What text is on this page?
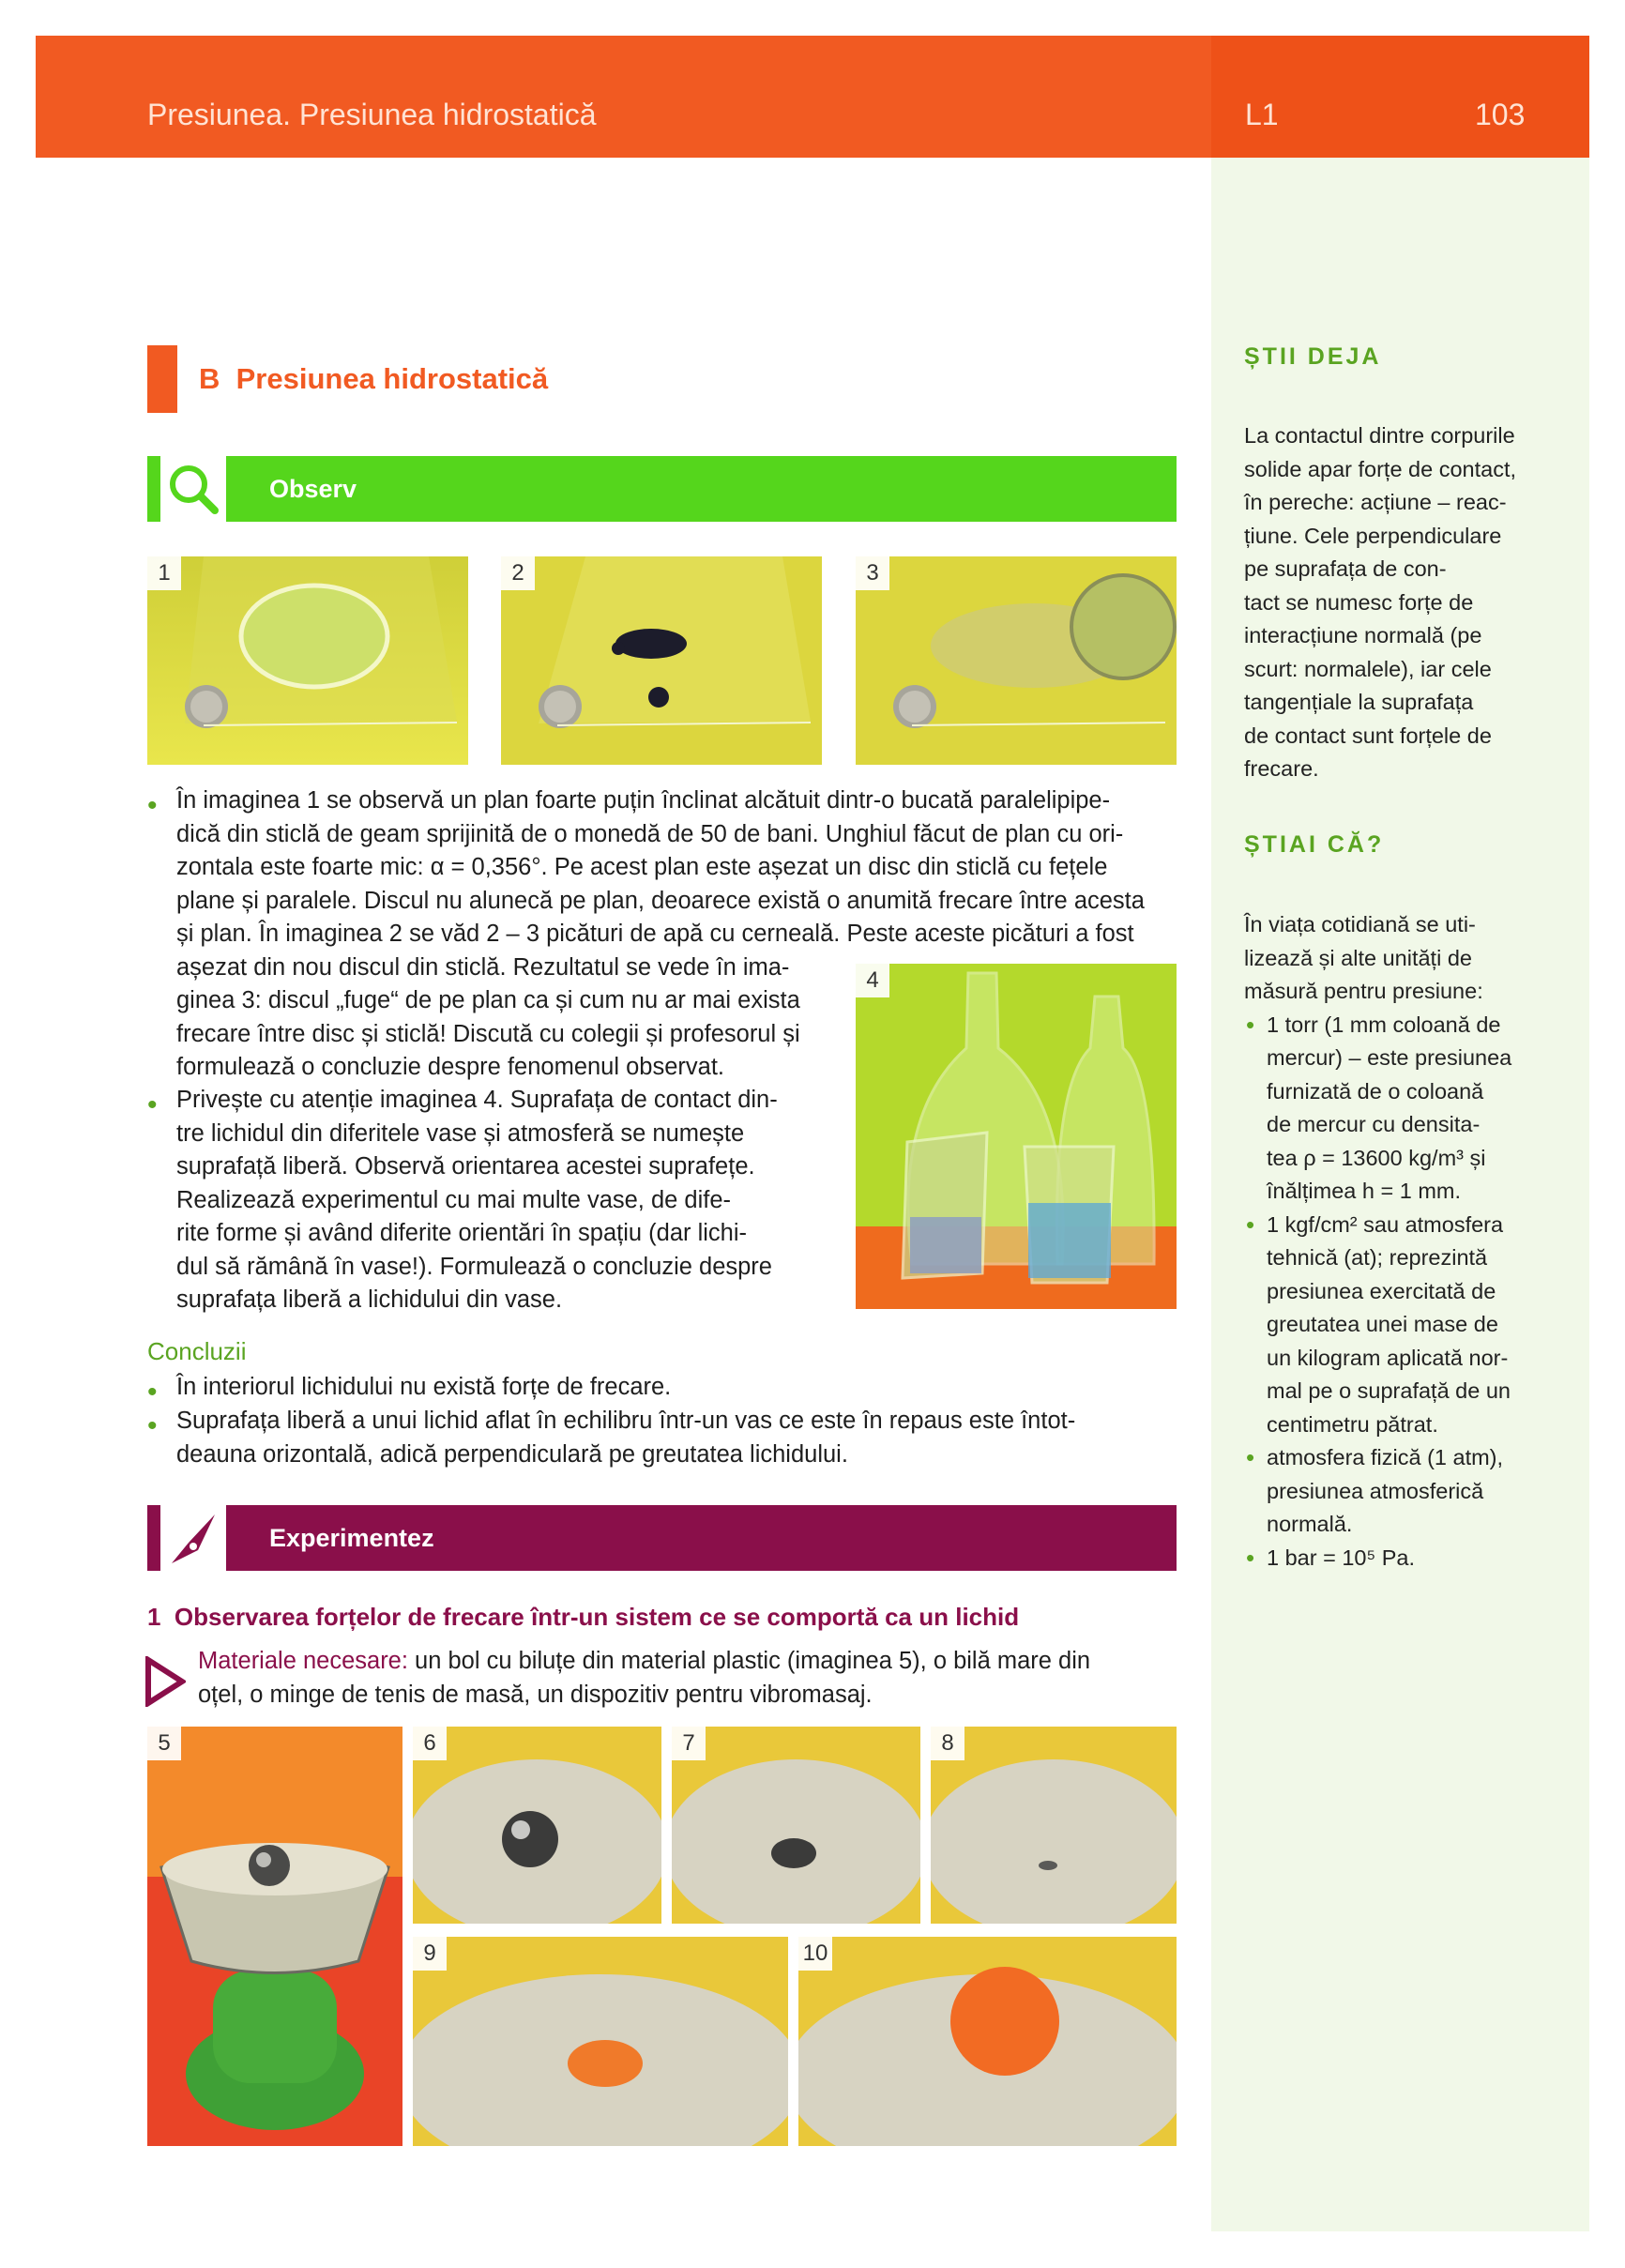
Presiunea. Presiunea hidrostatică	L1	103
ȘTII DEJA
La contactul dintre corpurile
solide apar forțe de contact,
în pereche: acțiune – reac-
țiune. Cele perpendiculare
pe suprafața de con-
tact se numesc forțe de
interacțiune normală (pe
scurt: normalele), iar cele
tangențiale la suprafața
de contact sunt forțele de
frecare.
ȘTIAI CĂ?
În viața cotidiană se uti-
lizează și alte unități de
măsură pentru presiune:
• 1 torr (1 mm coloană de
mercur) – este presiunea
furnizată de o coloană
de mercur cu densita-
tea ρ = 13600 kg/m³ și
înălțimea h = 1 mm.
• 1 kgf/cm² sau atmosfera
tehnică (at); reprezintă
presiunea exercitată de
greutatea unei mase de
un kilogram aplicată nor-
mal pe o suprafață de un
centimetru pătrat.
• atmosfera fizică (1 atm),
presiunea atmosferică
normală.
• 1 bar = 10⁵ Pa.
B Presiunea hidrostatică
Observ
1	2	3
4
•
În imaginea 1 se observă un plan foarte puțin înclinat alcătuit dintr-o bucată paralelipipe-
dică din sticlă de geam sprijinită de o monedă de 50 de bani. Unghiul făcut de plan cu ori-
zontala este foarte mic: α = 0,356°. Pe acest plan este așezat un disc din sticlă cu fețele
plane și paralele. Discul nu alunecă pe plan, deoarece există o anumită frecare între acesta
și plan. În imaginea 2 se văd 2 – 3 picături de apă cu cerneală. Peste aceste picături a fost
așezat din nou discul din sticlă. Rezultatul se vede în ima-
ginea 3: discul „fuge“ de pe plan ca și cum nu ar mai exista
frecare între disc și sticlă! Discută cu colegii și profesorul și
formulează o concluzie despre fenomenul observat.
•
Privește cu atenție imaginea 4. Suprafața de contact din-
tre lichidul din diferitele vase și atmosferă se numește
suprafață liberă. Observă orientarea acestei suprafețe.
Realizează experimentul cu mai multe vase, de dife-
rite forme și având diferite orientări în spațiu (dar lichi-
dul să rămână în vase!). Formulează o concluzie despre
suprafața liberă a lichidului din vase.
Concluzii
•
În interiorul lichidului nu există forțe de frecare.
•
Suprafața liberă a unui lichid aflat în echilibru într-un vas ce este în repaus este întot-
deauna orizontală, adică perpendiculară pe greutatea lichidului.
Experimentez
1 Observarea forțelor de frecare într-un sistem ce se comportă ca un lichid
Materiale necesare: un bol cu biluțe din material plastic (imaginea 5), o bilă mare din
oțel, o minge de tenis de masă, un dispozitiv pentru vibromasaj.
5	6	7	8
9	10
